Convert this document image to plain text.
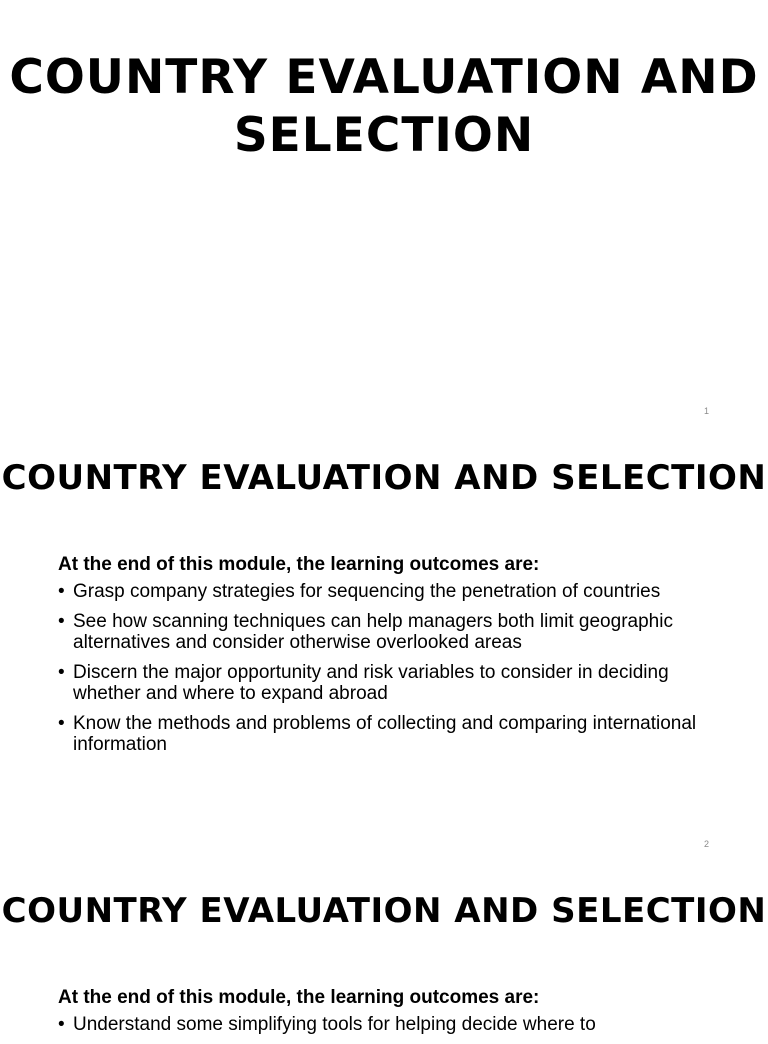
COUNTRY EVALUATION AND SELECTION
1
COUNTRY EVALUATION AND SELECTION

At the end of this module, the learning outcomes are:

• Grasp company strategies for sequencing the penetration of countries
• See how scanning techniques can help managers both limit geographic alternatives and consider otherwise overlooked areas
• Discern the major opportunity and risk variables to consider in deciding whether and where to expand abroad
• Know the methods and problems of collecting and comparing international information
2
COUNTRY EVALUATION AND SELECTION

At the end of this module, the learning outcomes are:

• Understand some simplifying tools for helping decide where to
